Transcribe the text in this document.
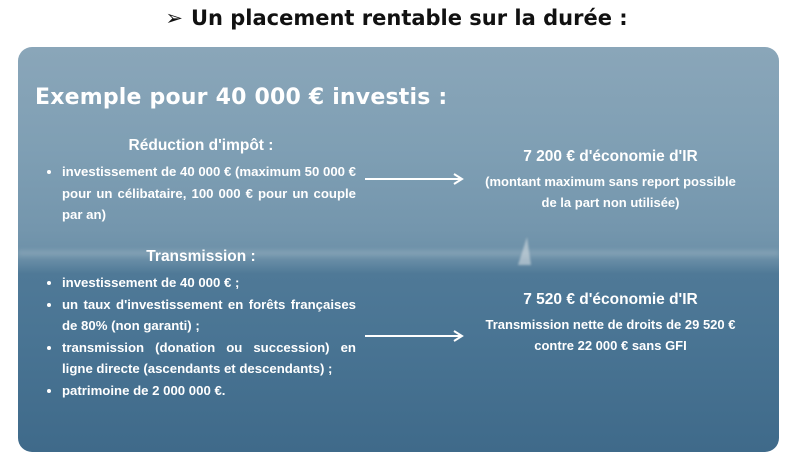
➢ Un placement rentable sur la durée :
Exemple pour 40 000 € investis :
Réduction d'impôt :
• investissement de 40 000 € (maximum 50 000 € pour un célibataire, 100 000 € pour un couple par an)
7 200 € d'économie d'IR
(montant maximum sans report possible de la part non utilisée)
Transmission :
• investissement de 40 000 € ;
• un taux d'investissement en forêts françaises de 80% (non garanti) ;
• transmission (donation ou succession) en ligne directe (ascendants et descendants) ;
• patrimoine de 2 000 000 €.
7 520 € d'économie d'IR
Transmission nette de droits de 29 520 € contre 22 000 € sans GFI
